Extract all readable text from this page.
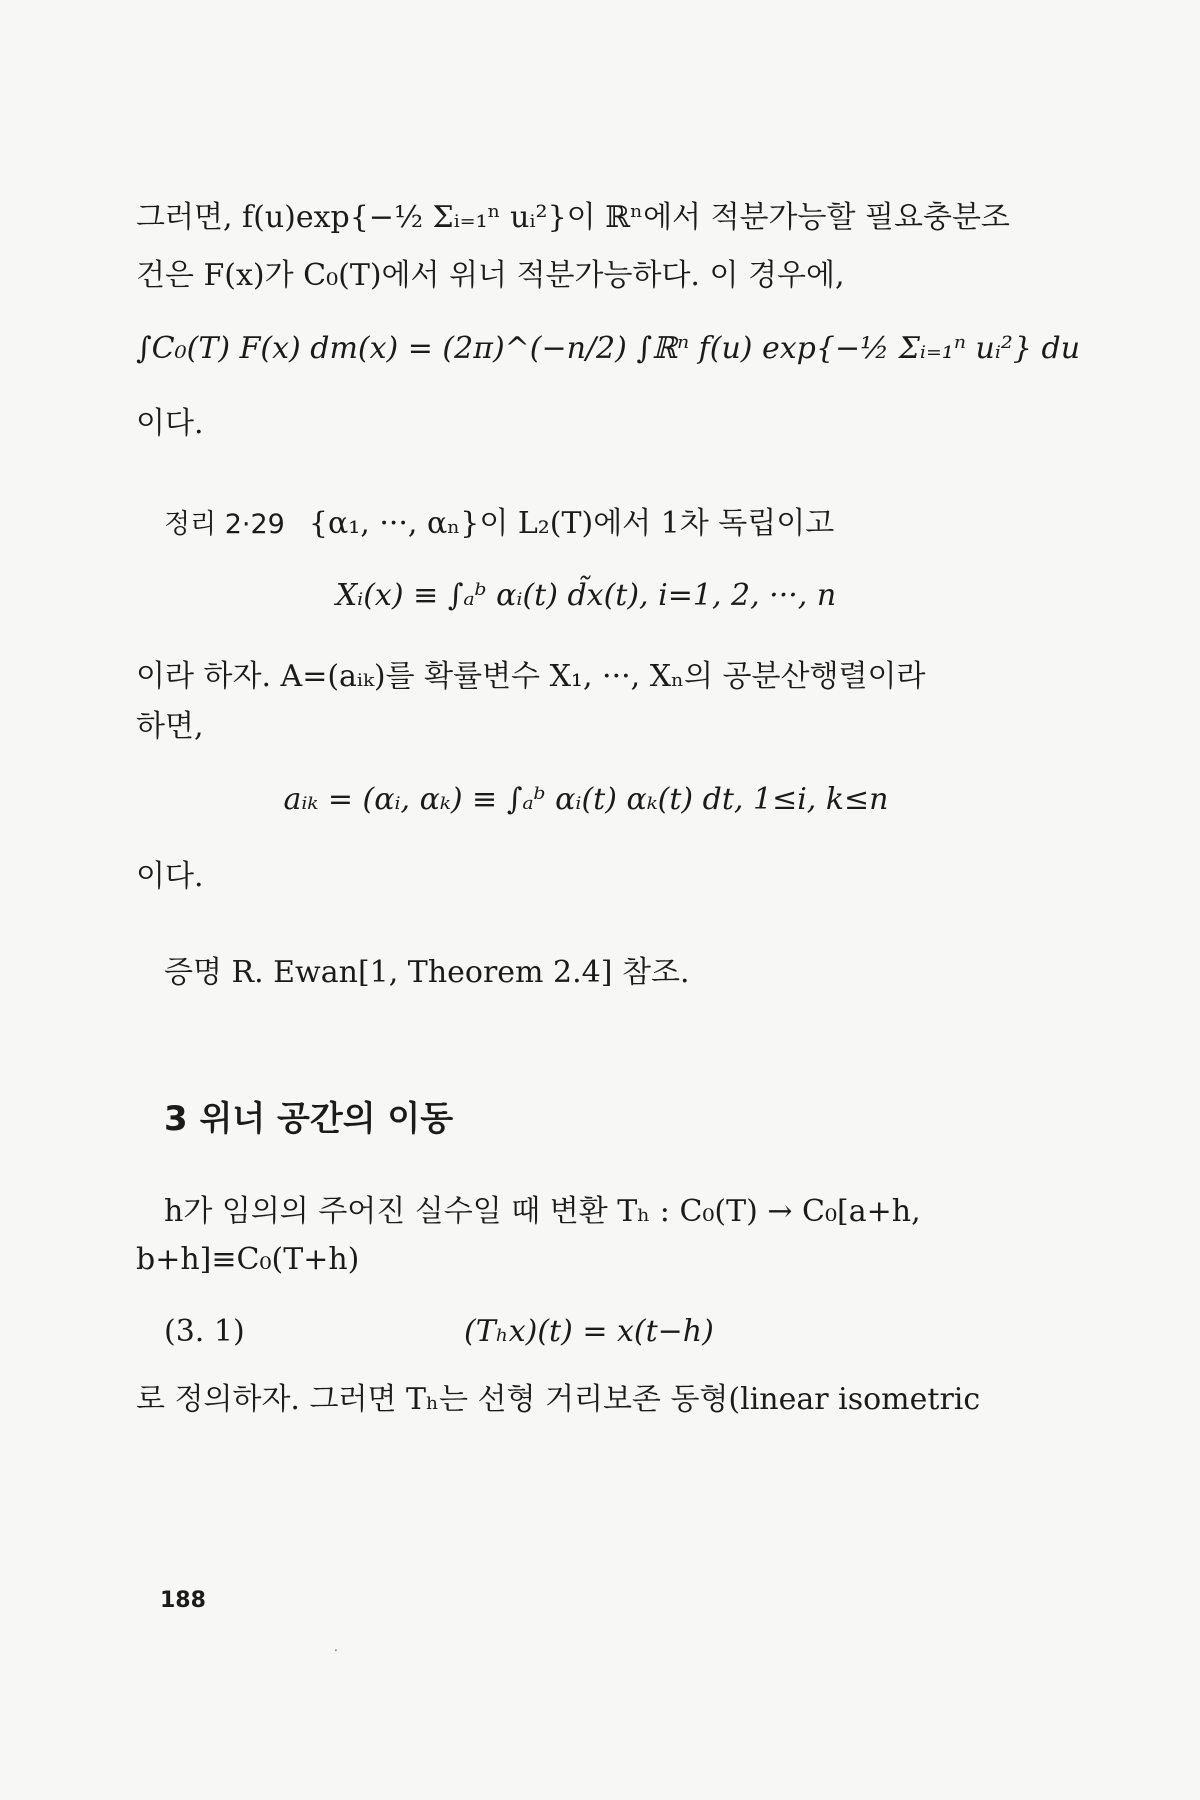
그러면, f(u)exp{−½ Σᵢ₌₁ⁿ uᵢ²}이 ℝⁿ에서 적분가능할 필요충분조
건은 F(x)가 C₀(T)에서 위너 적분가능하다. 이 경우에,
∫C₀(T) F(x) dm(x) = (2π)^(−n/2) ∫ℝⁿ f(u) exp{−½ Σᵢ₌₁ⁿ uᵢ²} du
이다.
정리 2·29 {α₁, ···, αₙ}이 L₂(T)에서 1차 독립이고
Xᵢ(x) ≡ ∫ₐᵇ αᵢ(t) d̃x(t), i=1, 2, ···, n
이라 하자. A=(aᵢₖ)를 확률변수 X₁, ···, Xₙ의 공분산행렬이라
하면,
aᵢₖ = (αᵢ, αₖ) ≡ ∫ₐᵇ αᵢ(t) αₖ(t) dt, 1≤i, k≤n
이다.
증명 R. Ewan[1, Theorem 2.4] 참조.
3 위너 공간의 이동
h가 임의의 주어진 실수일 때 변환 Tₕ : C₀(T) → C₀[a+h,
b+h]≡C₀(T+h)
(3. 1)	(Tₕx)(t) = x(t−h)
로 정의하자. 그러면 Tₕ는 선형 거리보존 동형(linear isometric
188
.
